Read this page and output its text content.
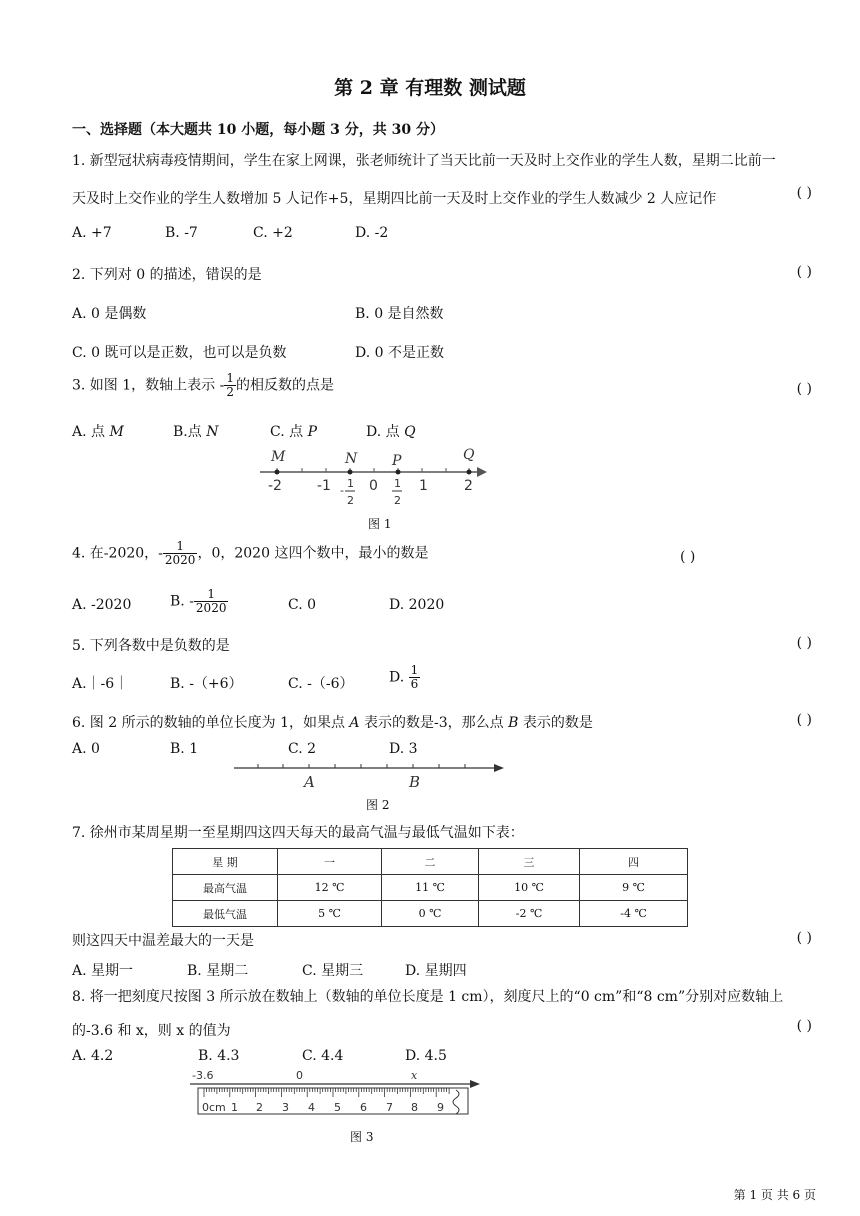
第 2 章 有理数 测试题
一、选择题（本大题共 10 小题，每小题 3 分，共 30 分）
1. 新型冠状病毒疫情期间，学生在家上网课，张老师统计了当天比前一天及时上交作业的学生人数，星期二比前一天及时上交作业的学生人数增加 5 人记作+5，星期四比前一天及时上交作业的学生人数减少 2 人应记作	( )
A. +7	B. -7	C. +2	D. -2
2. 下列对 0 的描述，错误的是	( )
A. 0 是偶数	B. 0 是自然数
C. 0 既可以是正数，也可以是负数	D. 0 不是正数
3. 如图 1，数轴上表示 - $\frac{1}{2}$ 的相反数的点是	( )
A. 点 M	B.点 N	C. 点 P	D. 点 Q
M	N P	Q
-2	-1	0	1	2
-
1
2
1
2
图 1
4. 在-2020，- $\frac{1}{2020}$ ，0，2020 这四个数中，最小的数是	( )
A. -2020	B. - $\frac{1}{2020}$	C. 0	D. 2020
5. 下列各数中是负数的是	( )
A.｜-6｜	B. -（+6）	C. -（-6）	D. $\frac{1}{6}$
6. 图 2 所示的数轴的单位长度为 1，如果点 A 表示的数是-3，那么点 B 表示的数是	( )
A. 0	B. 1	C. 2	D. 3
A	B
图 2
7. 徐州市某周星期一至星期四这四天每天的最高气温与最低气温如下表：
星 期	一	二	三	四
最高气温	12 ℃	11 ℃	10 ℃	9 ℃
最低气温	5 ℃	0 ℃	-2 ℃	-4 ℃
则这四天中温差最大的一天是	( )
A. 星期一	B. 星期二	C. 星期三	D. 星期四
8. 将一把刻度尺按图 3 所示放在数轴上（数轴的单位长度是 1 cm），刻度尺上的“0 cm”和“8 cm”分别对应数轴上的-3.6 和 x，则 x 的值为	( )
A. 4.2	B. 4.3	C. 4.4	D. 4.5
-3.6	0	x
0cm 1 2 3 4 5 6 7 8 9
图 3
第 1 页 共 6 页
